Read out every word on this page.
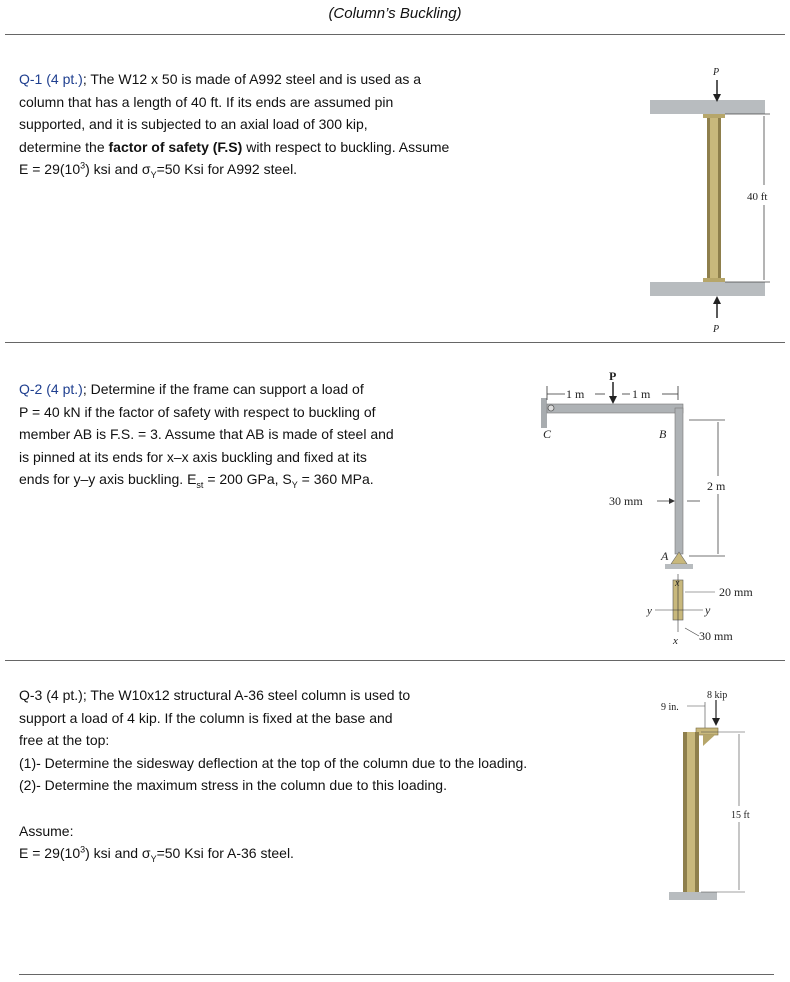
(Column’s Buckling)
Q-1 (4 pt.); The W12 x 50 is made of A992 steel and is used as a
column that has a length of 40 ft. If its ends are assumed pin
supported, and it is subjected to an axial load of 300 kip,
determine the factor of safety (F.S) with respect to buckling. Assume
$E = 29(10^3)$ ksi and $\sigma_Y=50$ Ksi for A992 steel.
P
P
40 ft
Q-2 (4 pt.); Determine if the frame can support a load of
P = 40 kN if the factor of safety with respect to buckling of
member AB is F.S. = 3. Assume that AB is made of steel and
is pinned at its ends for x–x axis buckling and fixed at its
ends for y–y axis buckling. $E_{st} = 200$ GPa, $S_Y = 360$ MPa.
1 m	1 m
P
C	B
A
2 m
30 mm
x
x
y	y
20 mm
30 mm
Q-3 (4 pt.); The W10x12 structural A-36 steel column is used to
support a load of 4 kip. If the column is fixed at the base and
free at the top:
(1)- Determine the sidesway deflection at the top of the column due to the loading.
(2)- Determine the maximum stress in the column due to this loading.
Assume:
$E = 29(10^3)$ ksi and $\sigma_Y=50$ Ksi for A-36 steel.
8 kip
9 in.
15 ft
